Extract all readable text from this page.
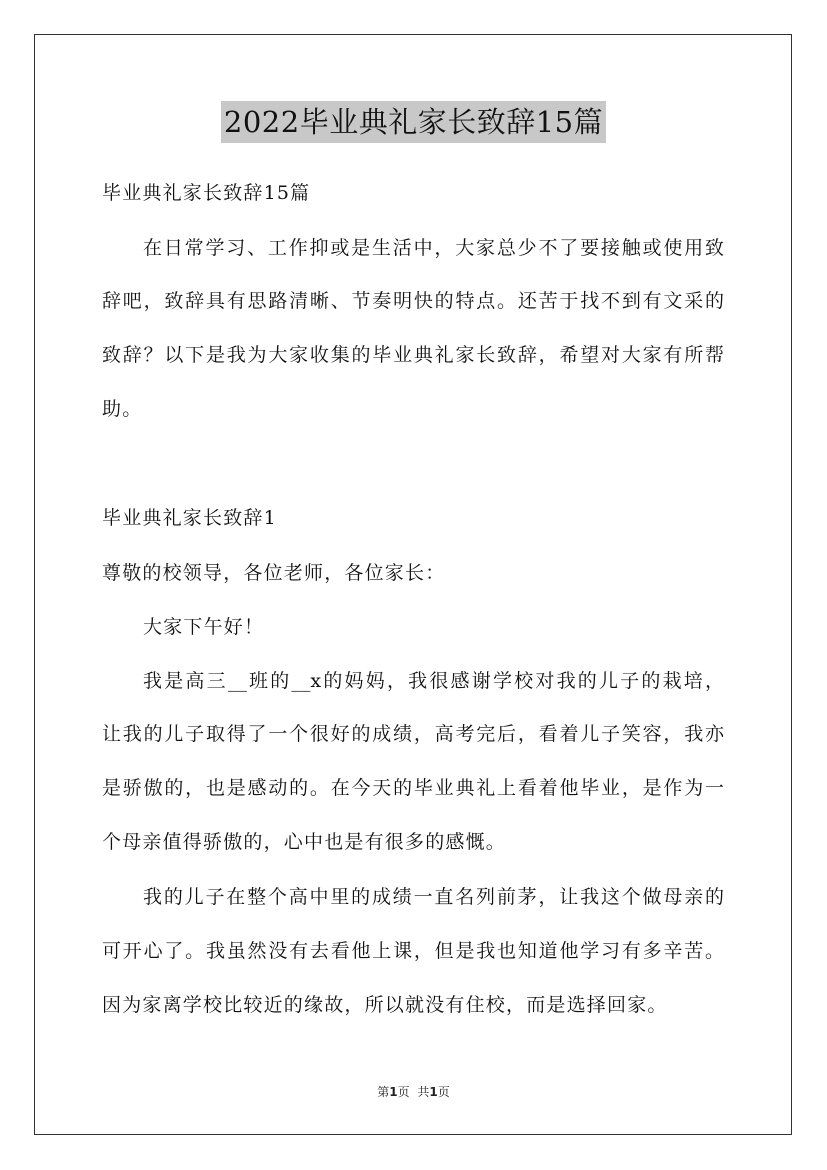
2022毕业典礼家长致辞15篇
毕业典礼家长致辞15篇
在日常学习、工作抑或是生活中，大家总少不了要接触或使用致
辞吧，致辞具有思路清晰、节奏明快的特点。还苦于找不到有文采的
致辞？以下是我为大家收集的毕业典礼家长致辞，希望对大家有所帮
助。
毕业典礼家长致辞1
尊敬的校领导，各位老师，各位家长：
大家下午好！
我是高三__班的__x的妈妈，我很感谢学校对我的儿子的栽培，
让我的儿子取得了一个很好的成绩，高考完后，看着儿子笑容，我亦
是骄傲的，也是感动的。在今天的毕业典礼上看着他毕业，是作为一
个母亲值得骄傲的，心中也是有很多的感慨。
我的儿子在整个高中里的成绩一直名列前茅，让我这个做母亲的
可开心了。我虽然没有去看他上课，但是我也知道他学习有多辛苦。
因为家离学校比较近的缘故，所以就没有住校，而是选择回家。
第1页 共1页
